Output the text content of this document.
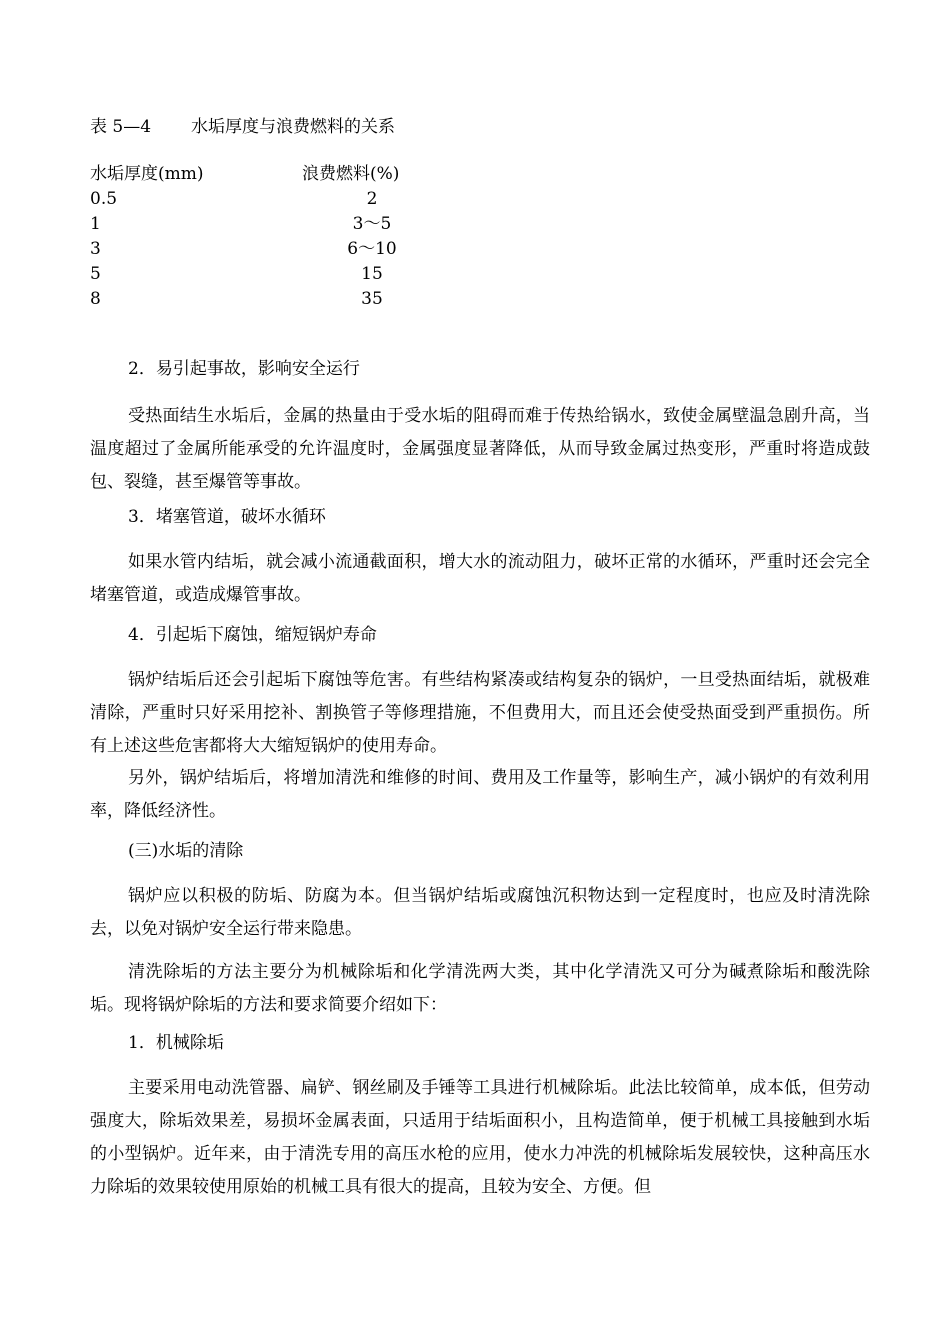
表 5—4 水垢厚度与浪费燃料的关系
水垢厚度(mm)	浪费燃料(%)
0.5	2
1	3～5
3	6～10
5	15
8	35

2．易引起事故，影响安全运行

受热面结生水垢后，金属的热量由于受水垢的阻碍而难于传热给锅水，致使金属壁温急剧升高，当温度超过了金属所能承受的允许温度时，金属强度显著降低，从而导致金属过热变形，严重时将造成鼓包、裂缝，甚至爆管等事故。

3．堵塞管道，破坏水循环

如果水管内结垢，就会减小流通截面积，增大水的流动阻力，破坏正常的水循环，严重时还会完全堵塞管道，或造成爆管事故。

4．引起垢下腐蚀，缩短锅炉寿命

锅炉结垢后还会引起垢下腐蚀等危害。有些结构紧凑或结构复杂的锅炉，一旦受热面结垢，就极难清除，严重时只好采用挖补、割换管子等修理措施，不但费用大，而且还会使受热面受到严重损伤。所有上述这些危害都将大大缩短锅炉的使用寿命。

另外，锅炉结垢后，将增加清洗和维修的时间、费用及工作量等，影响生产，减小锅炉的有效利用率，降低经济性。

(三)水垢的清除

锅炉应以积极的防垢、防腐为本。但当锅炉结垢或腐蚀沉积物达到一定程度时，也应及时清洗除去，以免对锅炉安全运行带来隐患。

清洗除垢的方法主要分为机械除垢和化学清洗两大类，其中化学清洗又可分为碱煮除垢和酸洗除垢。现将锅炉除垢的方法和要求简要介绍如下：

1．机械除垢

主要采用电动洗管器、扁铲、钢丝刷及手锤等工具进行机械除垢。此法比较简单，成本低，但劳动强度大，除垢效果差，易损坏金属表面，只适用于结垢面积小，且构造简单，便于机械工具接触到水垢的小型锅炉。近年来，由于清洗专用的高压水枪的应用，使水力冲洗的机械除垢发展较快，这种高压水力除垢的效果较使用原始的机械工具有很大的提高，且较为安全、方便。但
